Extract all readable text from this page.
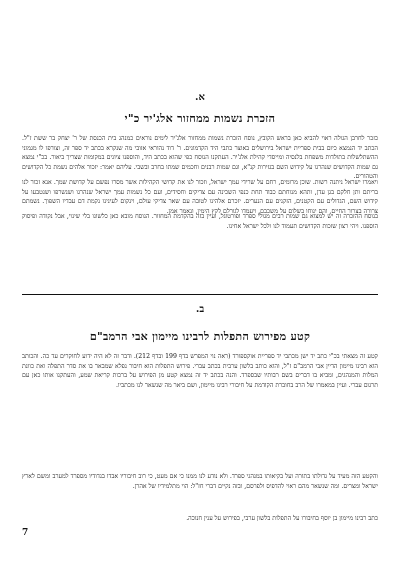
א.
הזכרת נשמות ממחזור אלג'יר כ"י
כזכר לחרבן הגולה ראוי להביא כאן בראש הקובץ, נוסח הזכרת נשמות ממחזור אלג'יר לימים נוראים כמנהג בית הכנסת של ר' יצחק בר ששת ז"ל. הכתב יד הנמצא כיום בבית ספריית ישראל בירושלים באוצר כתבי היד הקדמונים. ר' דוד נהוראי אזובי מה שנקרא בכתב יד ספר זה, וצורפו לו מגמוני ההשתלשלות בתולדות משפחת בלנסיה ומייסדי קהילת אלג'יר. העתקנו הנוסח כפי שהוא בכתב היד, והוספנו ציונים במקומות שצריך ביאור. בכ"י נמצא גם שמות הקדושים שנהרגו על קידוש השם בגזירות קנ"א, וגם שמות רבנים וחכמים שמתו בחרב ובשבי. עליהם יאמר: יזכור אלהים נשמת כל הקדושים והטהורים.
ויאמרו ישראל ניתנה רשות. שוכן מרומים, רחם על שרידי עמך ישראל, וזכור לנו את קדושי הקהילות אשר מסרו נפשם על קדושת שמך. אנא זכור לנו בריתם ותן חלקם בגן עדן, ותהא מנוחתם כבוד תחת כנפי השכינה עם צדיקים וחסידים, ועם כל נשמות עמך ישראל שנהרגו ושנשרפו ושנטבעו על קידוש השם, הגדולים עם הקטנים, הזקנים עם הנערים. יזכרם אלהינו לטובה עם שאר צדיקי עולם, וינקום לעינינו נקמת דם עבדיו השפוך. נשמתם צרורה בצרור החיים, והם ינוחו בשלום על משכבם, ויעמדו לגורלם לקץ הימין, ונאמר אמן.
בנוסח ההזכרה זה יש למצוא גם שמות רבים מגולי ספרד ופורטוגל, ועיין בזה בהקדמת המחזור. הנוסח מובא כאן כלשונו בלי שינוי, אבל נקודה ופיסוק הוספנו. ויהי רצון שזכות הקדושים תעמוד לנו ולכל ישראל אחינו.
ב.
קטע מפירוש התפלות לרבינו מיימון אבי הרמב"ם
קטע זה מצאתי בכ"י כתב יד ישן מכתבי יד ספריית אוקספורד (ראה נוי המפרש בדף 199 ובדף 212). ודבר זה לא היה ידוע לחוקרים עד כה. והכותב הוא רבינו מיימון הדיין אבי הרמב"ם ז"ל, והוא כותב בלשון ערבית בכתב עברי. פירוש התפלות הוא חיבור נפלא שמבאר בו את סדר התפלה ואת כוונת המלות והמנהגים, ומביא בו דברים בשם רבותיו שבספרד. והנה בכתב יד זה נמצא קטע מן הפירוש על ברכות קריאת שמע, והעתקנו אותו כאן עם תרגום עברי. ועיין במאמרו של הרב בחוברת הקודמת על חיבורי רבינו מיימון, ושם ביאר מה שנשאר לנו מכתביו.
והקטע הזה מעיד על גדולתו בתורה ועל בקיאותו במנהגי ספרד. ולא נודע לנו ממנו כי אם מעט, כי רוב חיבוריו אבדו בנדודיו מספרד למערב ומשם לארץ ישראל ומצרים. ומה שנשאר מהם ראוי להדפיס ולפרסם, ובזה נקיים דברי חז"ל: הוי מתלמידיו של אהרן.
כתב רבינו מיימון בן יוסף בחיבורו על התפלות בלשון ערבי, בפירוש על ענין חנוכה.
7
